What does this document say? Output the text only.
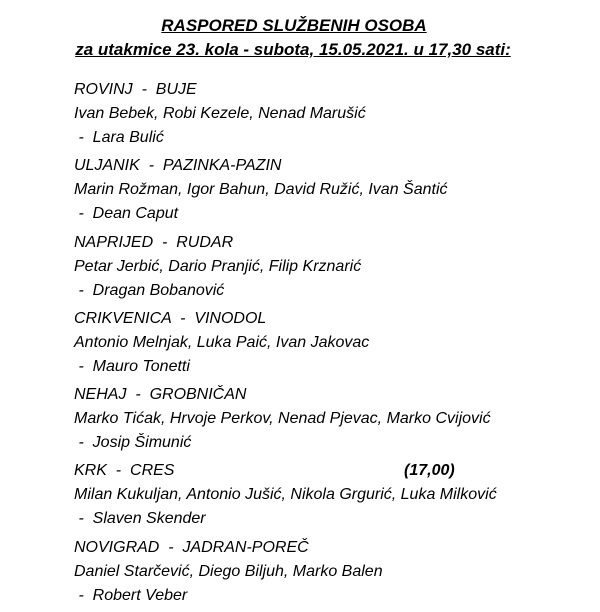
RASPORED SLUŽBENIH OSOBA
za utakmice 23. kola - subota, 15.05.2021. u 17,30 sati:
ROVINJ  -  BUJE
Ivan Bebek, Robi Kezele, Nenad Marušić
-  Lara Bulić
ULJANIK  -  PAZINKA-PAZIN
Marin Rožman, Igor Bahun, David Ružić, Ivan Šantić
-  Dean Caput
NAPRIJED  -  RUDAR
Petar Jerbić, Dario Pranjić, Filip Krznarić
-  Dragan Bobanović
CRIKVENICA  -  VINODOL
Antonio Melnjak, Luka Paić, Ivan Jakovac
-  Mauro Tonetti
NEHAJ  -  GROBNIČAN
Marko Tićak, Hrvoje Perkov, Nenad Pjevac, Marko Cvijović
-  Josip Šimunić
KRK  -  CRES	(17,00)
Milan Kukuljan, Antonio Jušić, Nikola Grgurić, Luka Milković
-  Slaven Skender
NOVIGRAD  -  JADRAN-POREČ
Daniel Starčević, Diego Biljuh, Marko Balen
-  Robert Veber
